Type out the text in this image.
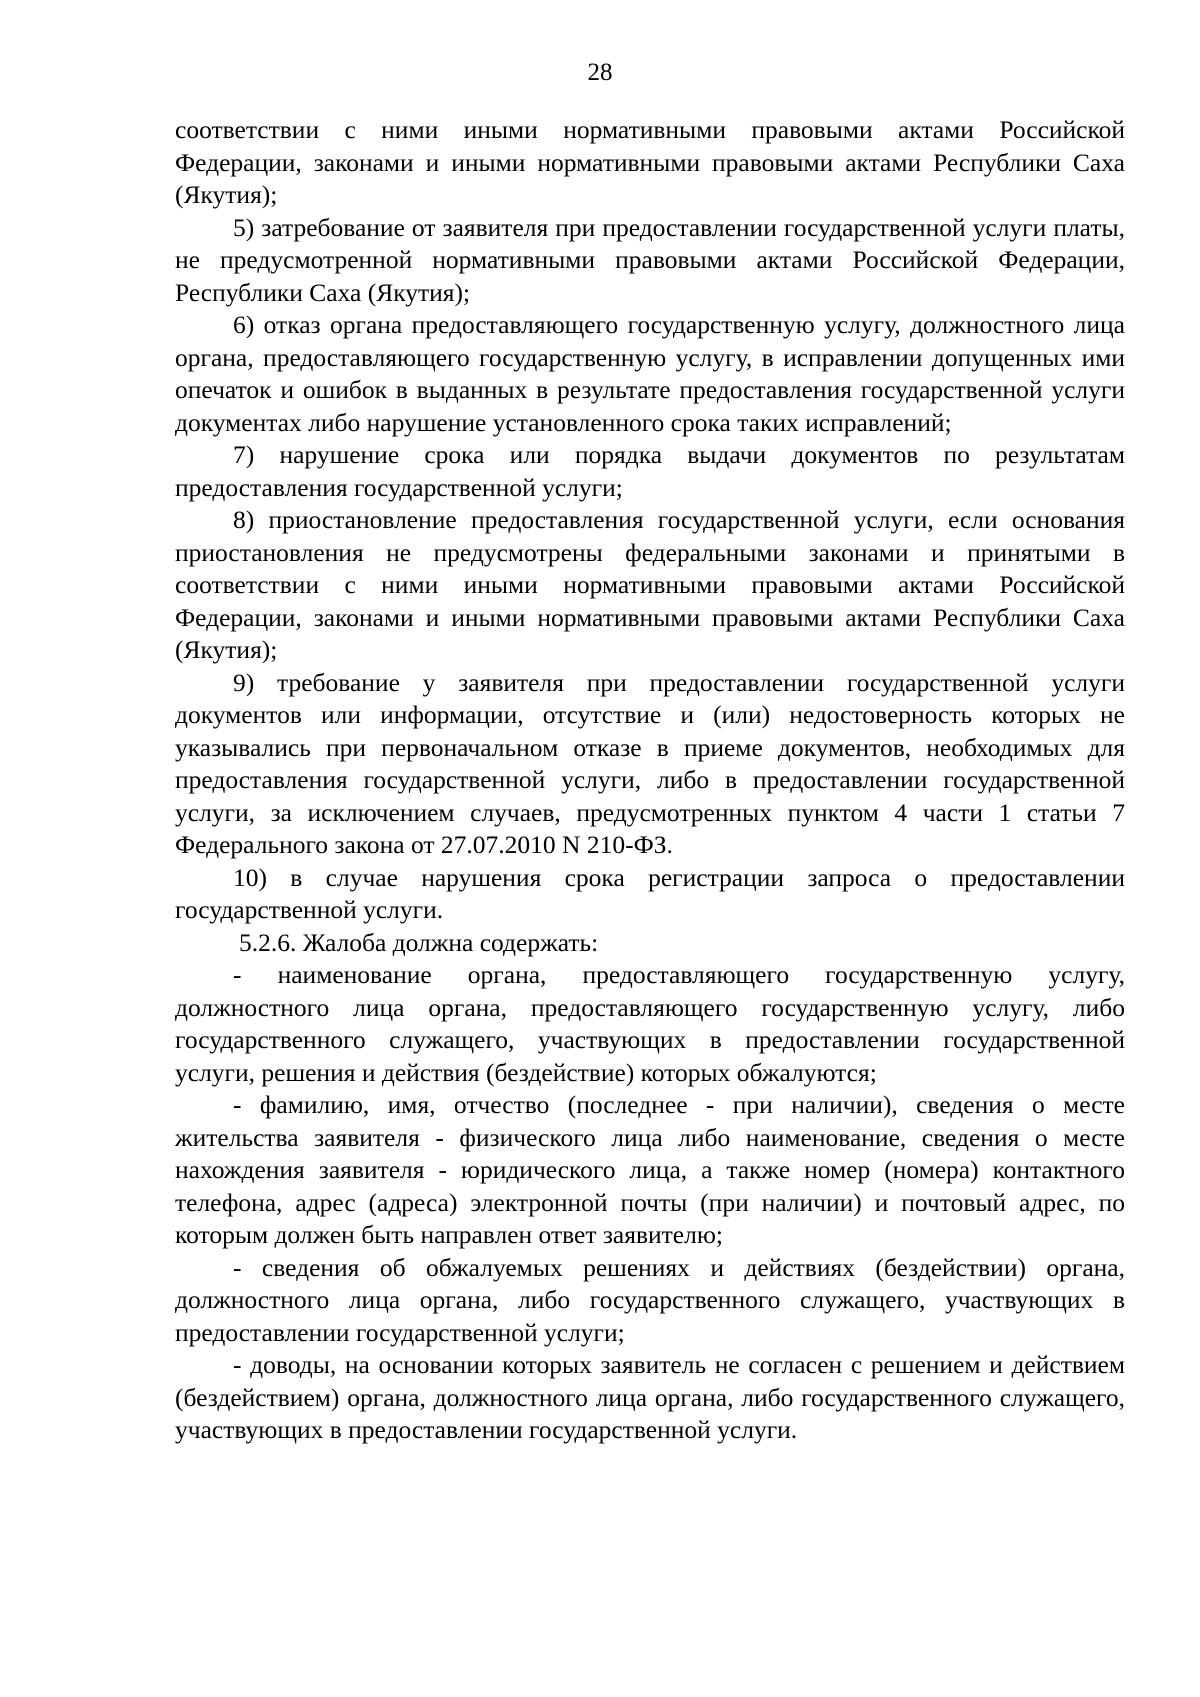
28

соответствии с ними иными нормативными правовыми актами Российской Федерации, законами и иными нормативными правовыми актами Республики Саха (Якутия);

5) затребование от заявителя при предоставлении государственной услуги платы, не предусмотренной нормативными правовыми актами Российской Федерации, Республики Саха (Якутия);

6) отказ органа предоставляющего государственную услугу, должностного лица органа, предоставляющего государственную услугу, в исправлении допущенных ими опечаток и ошибок в выданных в результате предоставления государственной услуги документах либо нарушение установленного срока таких исправлений;

7) нарушение срока или порядка выдачи документов по результатам предоставления государственной услуги;

8) приостановление предоставления государственной услуги, если основания приостановления не предусмотрены федеральными законами и принятыми в соответствии с ними иными нормативными правовыми актами Российской Федерации, законами и иными нормативными правовыми актами Республики Саха (Якутия);

9) требование у заявителя при предоставлении государственной услуги документов или информации, отсутствие и (или) недостоверность которых не указывались при первоначальном отказе в приеме документов, необходимых для предоставления государственной услуги, либо в предоставлении государственной услуги, за исключением случаев, предусмотренных пунктом 4 части 1 статьи 7 Федерального закона от 27.07.2010 N 210-ФЗ.

10) в случае нарушения срока регистрации запроса о предоставлении государственной услуги.

5.2.6. Жалоба должна содержать:

- наименование органа, предоставляющего государственную услугу, должностного лица органа, предоставляющего государственную услугу, либо государственного служащего, участвующих в предоставлении государственной услуги, решения и действия (бездействие) которых обжалуются;

- фамилию, имя, отчество (последнее - при наличии), сведения о месте жительства заявителя - физического лица либо наименование, сведения о месте нахождения заявителя - юридического лица, а также номер (номера) контактного телефона, адрес (адреса) электронной почты (при наличии) и почтовый адрес, по которым должен быть направлен ответ заявителю;

- сведения об обжалуемых решениях и действиях (бездействии) органа, должностного лица органа, либо государственного служащего, участвующих в предоставлении государственной услуги;

- доводы, на основании которых заявитель не согласен с решением и действием (бездействием) органа, должностного лица органа, либо государственного служащего, участвующих в предоставлении государственной услуги.
